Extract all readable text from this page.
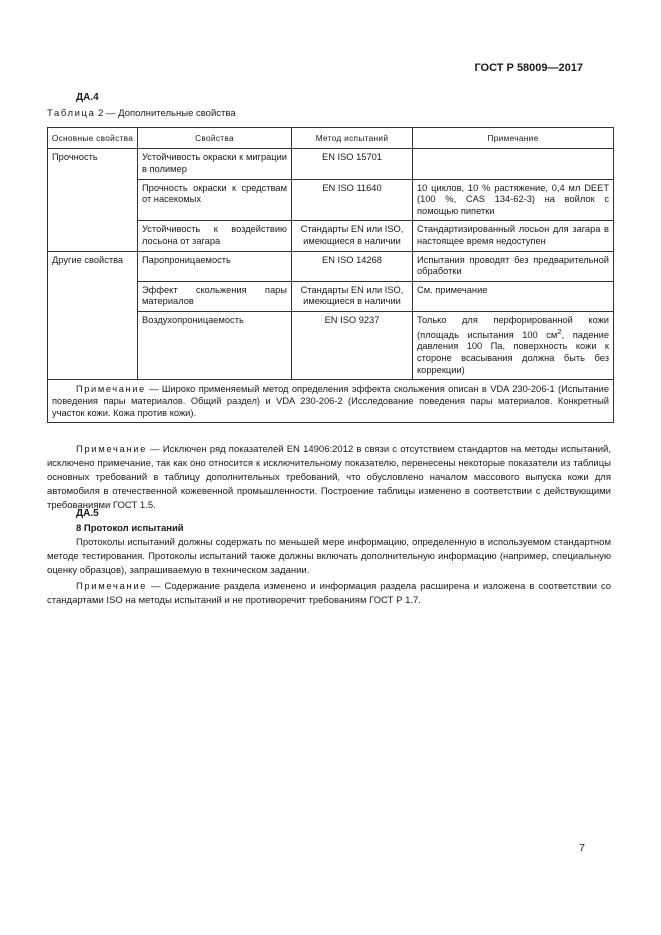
ГОСТ Р 58009—2017
ДА.4
Таблица 2 — Дополнительные свойства
Основные свойства	Свойства	Метод испытаний	Примечание
Прочность	Устойчивость окраски к миграции в полимер	EN ISO 15701	
	Прочность окраски к средствам от насекомых	EN ISO 11640	10 циклов, 10 % растяжение, 0,4 мл DEET (100 %, CAS 134-62-3) на войлок с помощью пипетки
	Устойчивость к воздействию лосьона от загара	Стандарты EN или ISO, имеющиеся в наличии	Стандартизированный лосьон для загара в настоящее время недоступен
Другие свойства	Паропроницаемость	EN ISO 14268	Испытания проводят без предварительной обработки
	Эффект скольжения пары материалов	Стандарты EN или ISO, имеющиеся в наличии	См. примечание
	Воздухопроницаемость	EN ISO 9237	Только для перфорированной кожи (площадь испытания 100 $см^2$, падение давления 100 Па, поверхность кожи к стороне всасывания должна быть без коррекции)
Примечание — Широко применяемый метод определения эффекта скольжения описан в VDA 230-206-1 (Испытание поведения пары материалов. Общий раздел) и VDA 230-206-2 (Исследование поведения пары материалов. Конкретный участок кожи. Кожа против кожи).			
Примечание — Исключен ряд показателей EN 14906:2012 в связи с отсутствием стандартов на методы испытаний, исключено примечание, так как оно относится к исключительному показателю, перенесены некоторые показатели из таблицы основных требований в таблицу дополнительных требований, что обусловлено началом массового выпуска кожи для автомобиля в отечественной кожевенной промышленности. Построение таблицы изменено в соответствии с действующими требованиями ГОСТ 1.5.
ДА.5
8 Протокол испытаний
Протоколы испытаний должны содержать по меньшей мере информацию, определенную в используемом стандартном методе тестирования. Протоколы испытаний также должны включать дополнительную информацию (например, специальную оценку образцов), запрашиваемую в техническом задании.
Примечание — Содержание раздела изменено и информация раздела расширена и изложена в соответствии со стандартами ISO на методы испытаний и не противоречит требованиям ГОСТ Р 1.7.
7
